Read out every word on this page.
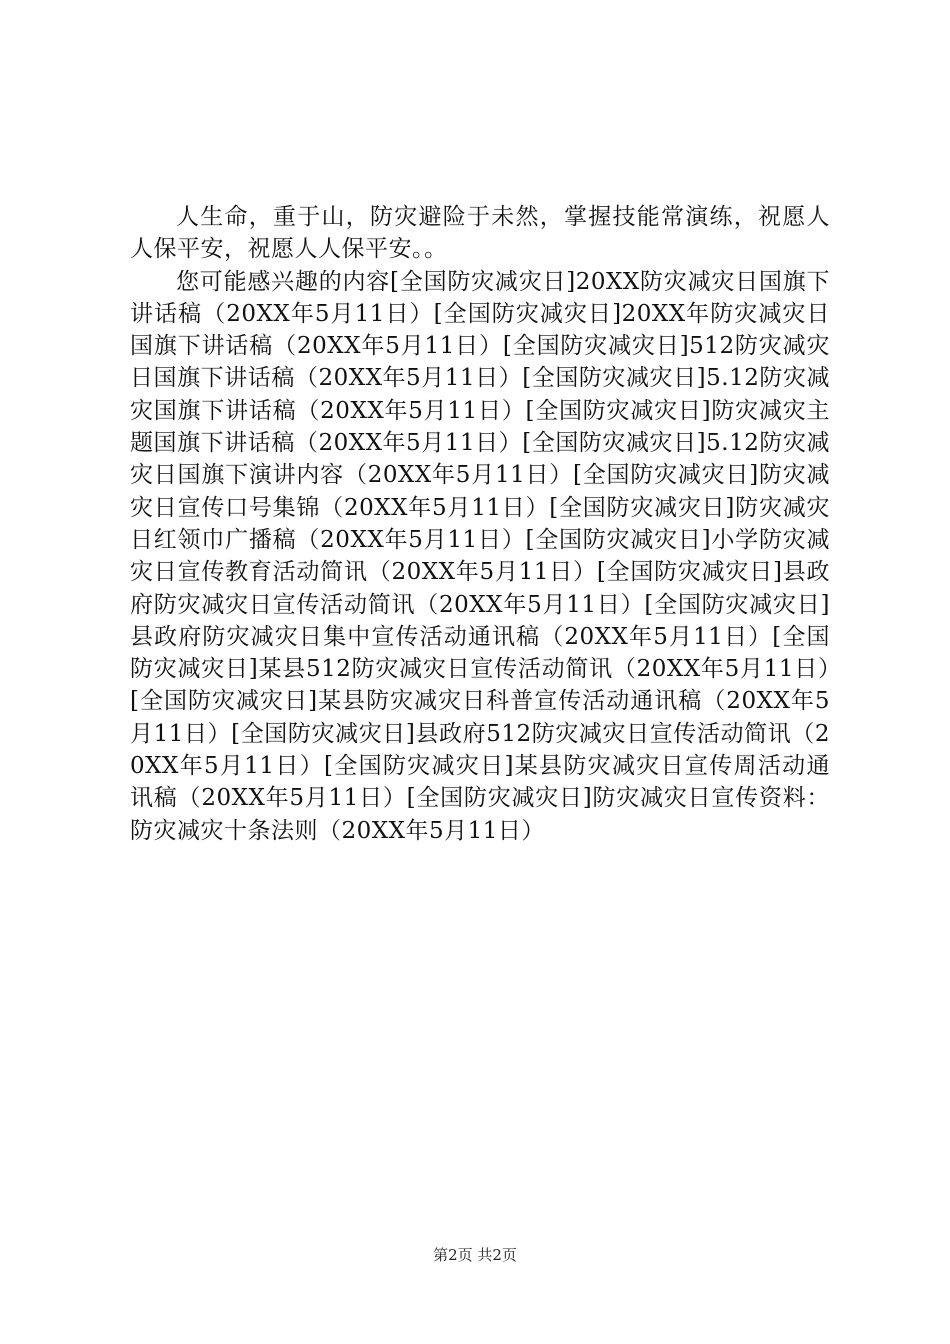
人生命，重于山，防灾避险于未然，掌握技能常演练，祝愿人人保平安，祝愿人人保平安。。

您可能感兴趣的内容[全国防灾减灾日]20XX防灾减灾日国旗下讲话稿（20XX年5月11日）[全国防灾减灾日]20XX年防灾减灾日国旗下讲话稿（20XX年5月11日）[全国防灾减灾日]512防灾减灾日国旗下讲话稿（20XX年5月11日）[全国防灾减灾日]5.12防灾减灾国旗下讲话稿（20XX年5月11日）[全国防灾减灾日]防灾减灾主题国旗下讲话稿（20XX年5月11日）[全国防灾减灾日]5.12防灾减灾日国旗下演讲内容（20XX年5月11日）[全国防灾减灾日]防灾减灾日宣传口号集锦（20XX年5月11日）[全国防灾减灾日]防灾减灾日红领巾广播稿（20XX年5月11日）[全国防灾减灾日]小学防灾减灾日宣传教育活动简讯（20XX年5月11日）[全国防灾减灾日]县政府防灾减灾日宣传活动简讯（20XX年5月11日）[全国防灾减灾日]县政府防灾减灾日集中宣传活动通讯稿（20XX年5月11日）[全国防灾减灾日]某县512防灾减灾日宣传活动简讯（20XX年5月11日）[全国防灾减灾日]某县防灾减灾日科普宣传活动通讯稿（20XX年5月11日）[全国防灾减灾日]县政府512防灾减灾日宣传活动简讯（20XX年5月11日）[全国防灾减灾日]某县防灾减灾日宣传周活动通讯稿（20XX年5月11日）[全国防灾减灾日]防灾减灾日宣传资料：防灾减灾十条法则（20XX年5月11日）

第2页 共2页
